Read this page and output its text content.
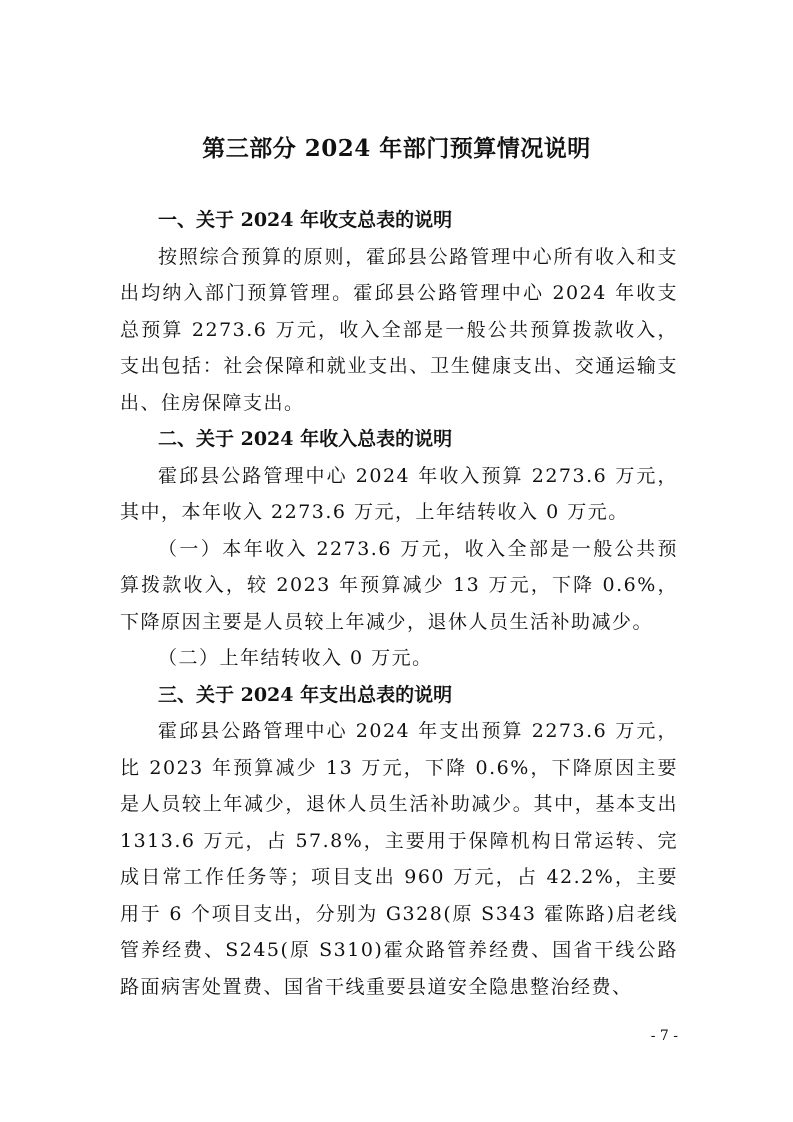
第三部分 2024 年部门预算情况说明
一、关于 2024 年收支总表的说明
按照综合预算的原则，霍邱县公路管理中心所有收入和支出均纳入部门预算管理。霍邱县公路管理中心 2024 年收支总预算 2273.6 万元，收入全部是一般公共预算拨款收入，支出包括：社会保障和就业支出、卫生健康支出、交通运输支出、住房保障支出。
二、关于 2024 年收入总表的说明
霍邱县公路管理中心 2024 年收入预算 2273.6 万元，其中，本年收入 2273.6 万元，上年结转收入 0 万元。
（一）本年收入 2273.6 万元，收入全部是一般公共预算拨款收入，较 2023 年预算减少 13 万元，下降 0.6%，下降原因主要是人员较上年减少，退休人员生活补助减少。
（二）上年结转收入 0 万元。
三、关于 2024 年支出总表的说明
霍邱县公路管理中心 2024 年支出预算 2273.6 万元，比 2023 年预算减少 13 万元，下降 0.6%，下降原因主要是人员较上年减少，退休人员生活补助减少。其中，基本支出 1313.6 万元，占 57.8%，主要用于保障机构日常运转、完成日常工作任务等；项目支出 960 万元，占 42.2%，主要用于 6 个项目支出，分别为 G328(原 S343 霍陈路)启老线管养经费、S245(原 S310)霍众路管养经费、国省干线公路路面病害处置费、国省干线重要县道安全隐患整治经费、
- 7 -
